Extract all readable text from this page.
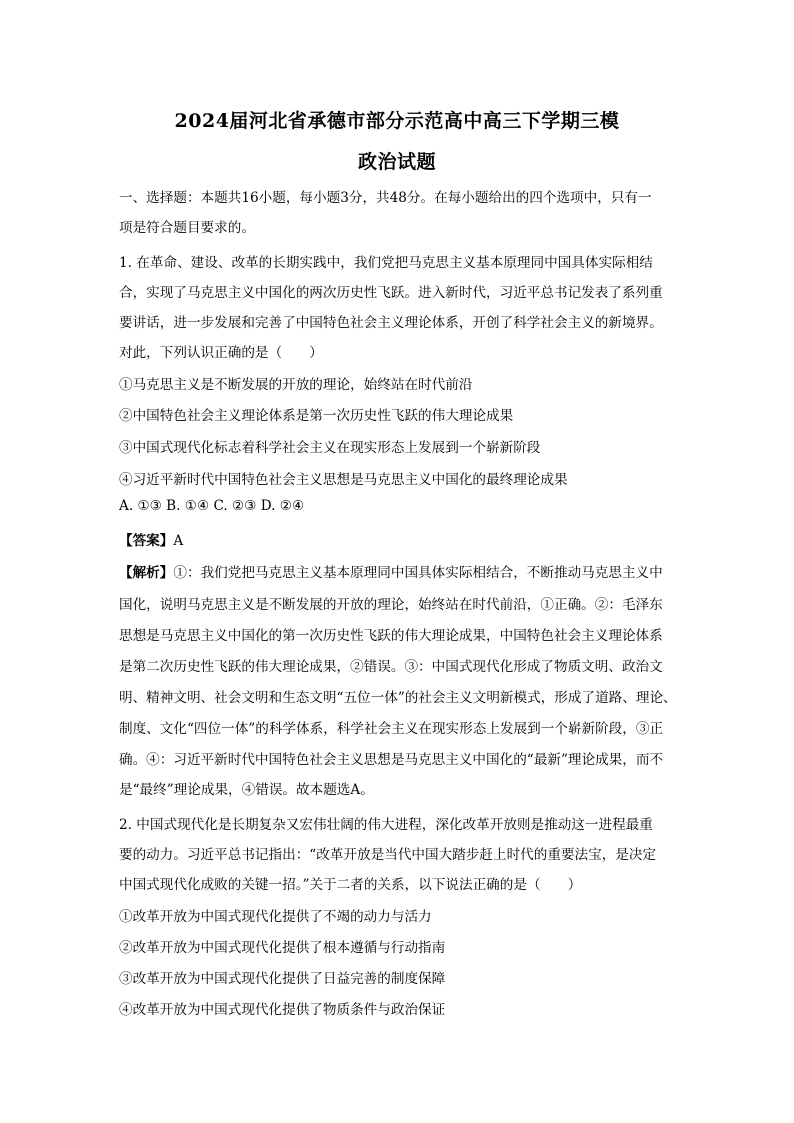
2024届河北省承德市部分示范高中高三下学期三模
政治试题
一、选择题：本题共16小题，每小题3分，共48分。在每小题给出的四个选项中，只有一
项是符合题目要求的。
1. 在革命、建设、改革的长期实践中，我们党把马克思主义基本原理同中国具体实际相结
合，实现了马克思主义中国化的两次历史性飞跃。进入新时代，习近平总书记发表了系列重
要讲话，进一步发展和完善了中国特色社会主义理论体系，开创了科学社会主义的新境界。
对此，下列认识正确的是（　　）
①马克思主义是不断发展的开放的理论，始终站在时代前沿
②中国特色社会主义理论体系是第一次历史性飞跃的伟大理论成果
③中国式现代化标志着科学社会主义在现实形态上发展到一个崭新阶段
④习近平新时代中国特色社会主义思想是马克思主义中国化的最终理论成果
A. ①③ B. ①④ C. ②③ D. ②④
【答案】A
【解析】①：我们党把马克思主义基本原理同中国具体实际相结合，不断推动马克思主义中
国化，说明马克思主义是不断发展的开放的理论，始终站在时代前沿，①正确。②：毛泽东
思想是马克思主义中国化的第一次历史性飞跃的伟大理论成果，中国特色社会主义理论体系
是第二次历史性飞跃的伟大理论成果，②错误。③：中国式现代化形成了物质文明、政治文
明、精神文明、社会文明和生态文明“五位一体”的社会主义文明新模式，形成了道路、理论、
制度、文化“四位一体”的科学体系，科学社会主义在现实形态上发展到一个崭新阶段，③正
确。④：习近平新时代中国特色社会主义思想是马克思主义中国化的“最新”理论成果，而不
是“最终”理论成果，④错误。故本题选A。
2. 中国式现代化是长期复杂又宏伟壮阔的伟大进程，深化改革开放则是推动这一进程最重
要的动力。习近平总书记指出：“改革开放是当代中国大踏步赶上时代的重要法宝，是决定
中国式现代化成败的关键一招。”关于二者的关系，以下说法正确的是（　　）
①改革开放为中国式现代化提供了不竭的动力与活力
②改革开放为中国式现代化提供了根本遵循与行动指南
③改革开放为中国式现代化提供了日益完善的制度保障
④改革开放为中国式现代化提供了物质条件与政治保证
